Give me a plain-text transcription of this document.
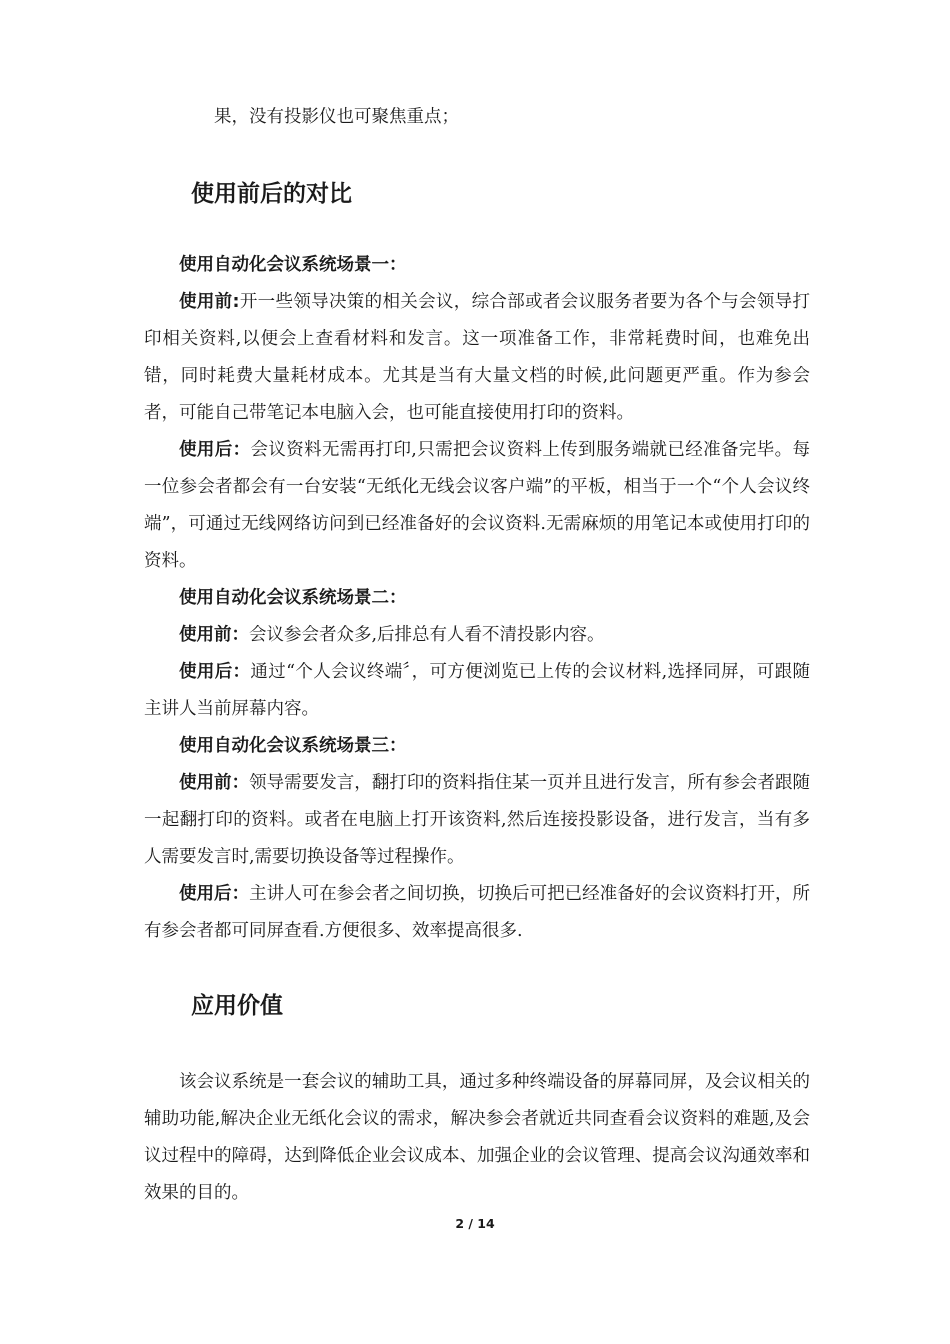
果，没有投影仪也可聚焦重点；

使用前后的对比
使用自动化会议系统场景一：

使用前:开一些领导决策的相关会议，综合部或者会议服务者要为各个与会领导打印相关资料,以便会上查看材料和发言。这一项准备工作，非常耗费时间，也难免出错，同时耗费大量耗材成本。尤其是当有大量文档的时候,此问题更严重。作为参会者，可能自己带笔记本电脑入会，也可能直接使用打印的资料。

使用后：会议资料无需再打印,只需把会议资料上传到服务端就已经准备完毕。每一位参会者都会有一台安装“无纸化无线会议客户端”的平板，相当于一个“个人会议终端”，可通过无线网络访问到已经准备好的会议资料.无需麻烦的用笔记本或使用打印的资料。

使用自动化会议系统场景二：

使用前：会议参会者众多,后排总有人看不清投影内容。

使用后：通过“个人会议终端〞，可方便浏览已上传的会议材料,选择同屏，可跟随主讲人当前屏幕内容。

使用自动化会议系统场景三：

使用前：领导需要发言，翻打印的资料指住某一页并且进行发言，所有参会者跟随一起翻打印的资料。或者在电脑上打开该资料,然后连接投影设备，进行发言，当有多人需要发言时,需要切换设备等过程操作。

使用后：主讲人可在参会者之间切换，切换后可把已经准备好的会议资料打开，所有参会者都可同屏查看.方便很多、效率提高很多.

应用价值

该会议系统是一套会议的辅助工具，通过多种终端设备的屏幕同屏，及会议相关的辅助功能,解决企业无纸化会议的需求，解决参会者就近共同查看会议资料的难题,及会议过程中的障碍，达到降低企业会议成本、加强企业的会议管理、提高会议沟通效率和效果的目的。

2 / 14
